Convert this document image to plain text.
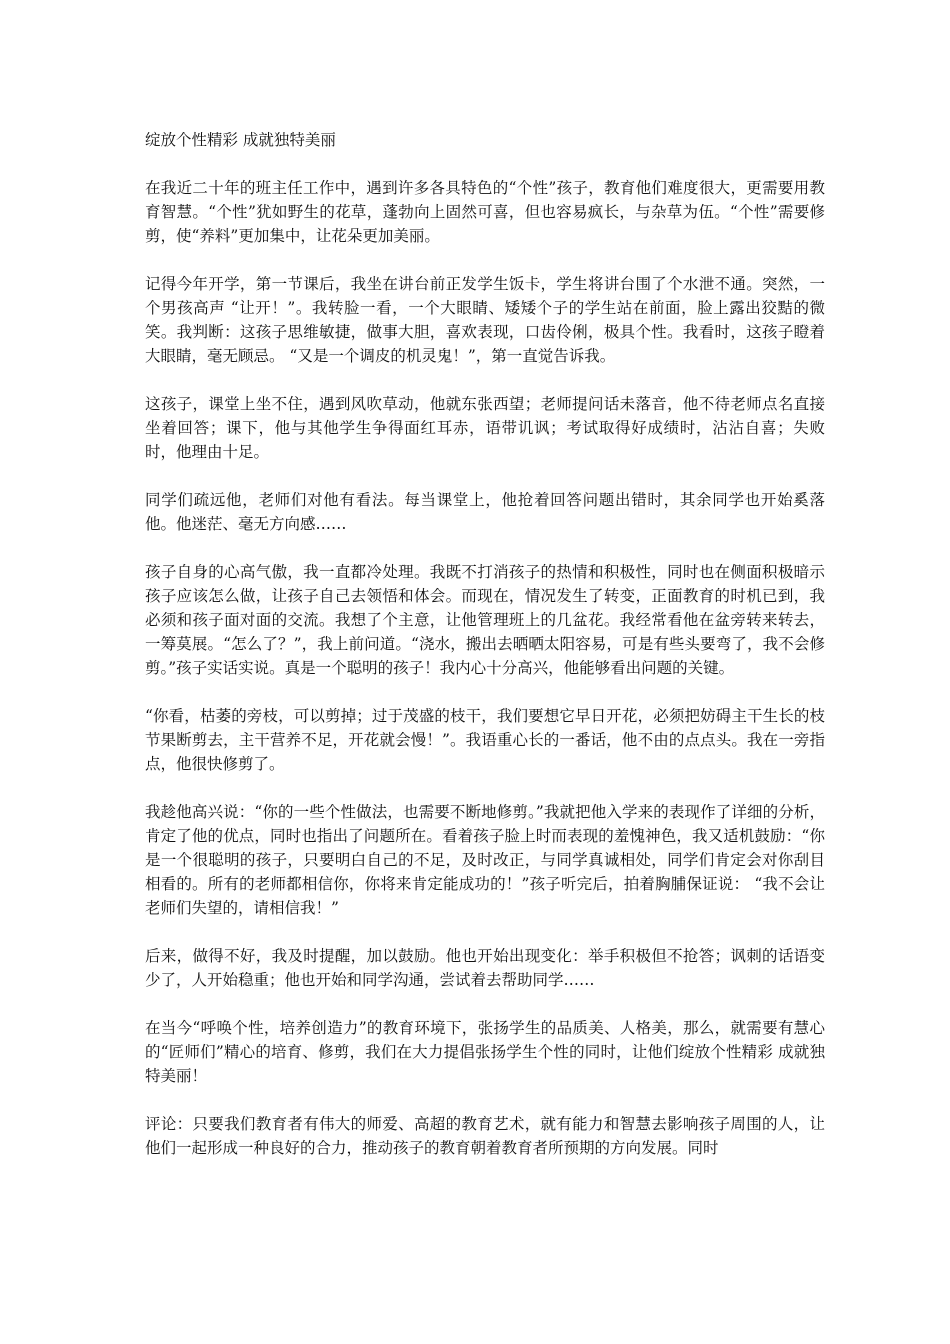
绽放个性精彩 成就独特美丽

在我近二十年的班主任工作中，遇到许多各具特色的“个性”孩子，教育他们难度很大，更需要用教育智慧。“个性”犹如野生的花草，蓬勃向上固然可喜，但也容易疯长，与杂草为伍。“个性”需要修剪，使“养料”更加集中，让花朵更加美丽。

记得今年开学，第一节课后，我坐在讲台前正发学生饭卡，学生将讲台围了个水泄不通。突然，一个男孩高声 “让开！”。我转脸一看，一个大眼睛、矮矮个子的学生站在前面，脸上露出狡黠的微笑。我判断：这孩子思维敏捷，做事大胆，喜欢表现，口齿伶俐，极具个性。我看时，这孩子瞪着大眼睛，毫无顾忌。 “又是一个调皮的机灵鬼！”，第一直觉告诉我。

这孩子，课堂上坐不住，遇到风吹草动，他就东张西望；老师提问话未落音，他不待老师点名直接坐着回答；课下，他与其他学生争得面红耳赤，语带讥讽；考试取得好成绩时，沾沾自喜；失败时，他理由十足。

同学们疏远他，老师们对他有看法。每当课堂上，他抢着回答问题出错时，其余同学也开始奚落他。他迷茫、毫无方向感……

孩子自身的心高气傲，我一直都冷处理。我既不打消孩子的热情和积极性，同时也在侧面积极暗示孩子应该怎么做，让孩子自己去领悟和体会。而现在，情况发生了转变，正面教育的时机已到，我必须和孩子面对面的交流。我想了个主意，让他管理班上的几盆花。我经常看他在盆旁转来转去，一筹莫展。“怎么了？”，我上前问道。“浇水，搬出去晒晒太阳容易，可是有些头要弯了，我不会修剪。”孩子实话实说。真是一个聪明的孩子！我内心十分高兴，他能够看出问题的关键。

“你看，枯萎的旁枝，可以剪掉；过于茂盛的枝干，我们要想它早日开花，必须把妨碍主干生长的枝节果断剪去，主干营养不足，开花就会慢！”。我语重心长的一番话，他不由的点点头。我在一旁指点，他很快修剪了。

我趁他高兴说：“你的一些个性做法，也需要不断地修剪。”我就把他入学来的表现作了详细的分析，肯定了他的优点，同时也指出了问题所在。看着孩子脸上时而表现的羞愧神色，我又适机鼓励：“你是一个很聪明的孩子，只要明白自己的不足，及时改正，与同学真诚相处，同学们肯定会对你刮目相看的。所有的老师都相信你，你将来肯定能成功的！”孩子听完后，拍着胸脯保证说： “我不会让老师们失望的，请相信我！”

后来，做得不好，我及时提醒，加以鼓励。他也开始出现变化：举手积极但不抢答；讽刺的话语变少了，人开始稳重；他也开始和同学沟通，尝试着去帮助同学……

在当今“呼唤个性，培养创造力”的教育环境下，张扬学生的品质美、人格美，那么，就需要有慧心的“匠师们”精心的培育、修剪，我们在大力提倡张扬学生个性的同时，让他们绽放个性精彩 成就独特美丽！

评论：只要我们教育者有伟大的师爱、高超的教育艺术，就有能力和智慧去影响孩子周围的人，让他们一起形成一种良好的合力，推动孩子的教育朝着教育者所预期的方向发展。同时
